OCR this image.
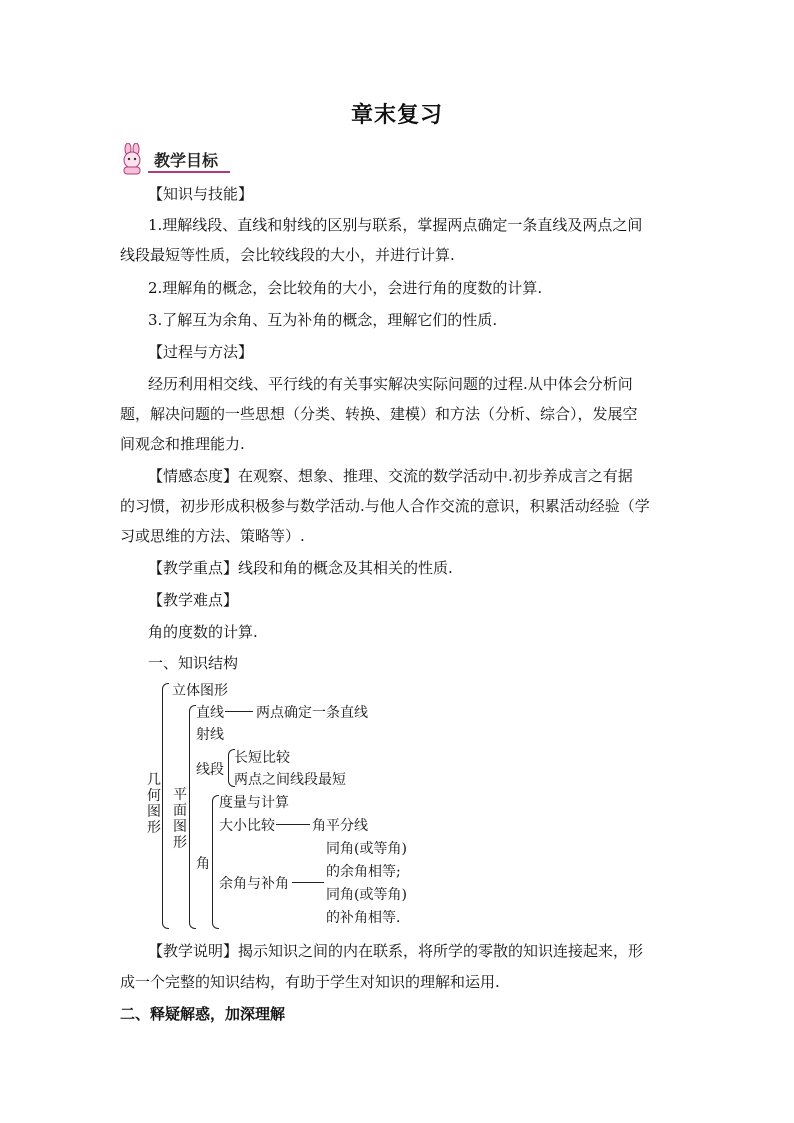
章末复习
教学目标
【知识与技能】
1.理解线段、直线和射线的区别与联系，掌握两点确定一条直线及两点之间
线段最短等性质，会比较线段的大小，并进行计算.
2.理解角的概念，会比较角的大小，会进行角的度数的计算.
3.了解互为余角、互为补角的概念，理解它们的性质.
【过程与方法】
经历利用相交线、平行线的有关事实解决实际问题的过程.从中体会分析问
题，解决问题的一些思想（分类、转换、建模）和方法（分析、综合），发展空
间观念和推理能力.
【情感态度】在观察、想象、推理、交流的数学活动中.初步养成言之有据
的习惯，初步形成积极参与数学活动.与他人合作交流的意识，积累活动经验（学
习或思维的方法、策略等）.
【教学重点】线段和角的概念及其相关的性质.
【教学难点】
角的度数的计算.
一、知识结构
几
何
图
形
立体图形
平
面
图
形
直线 两点确定一条直线
射线
线段
长短比较
两点之间线段最短
角
度量与计算
大小比较	角平分线
余角与补角
同角(或等角)
的余角相等;
同角(或等角)
的补角相等.
【教学说明】揭示知识之间的内在联系，将所学的零散的知识连接起来，形
成一个完整的知识结构，有助于学生对知识的理解和运用.
二、释疑解惑，加深理解
